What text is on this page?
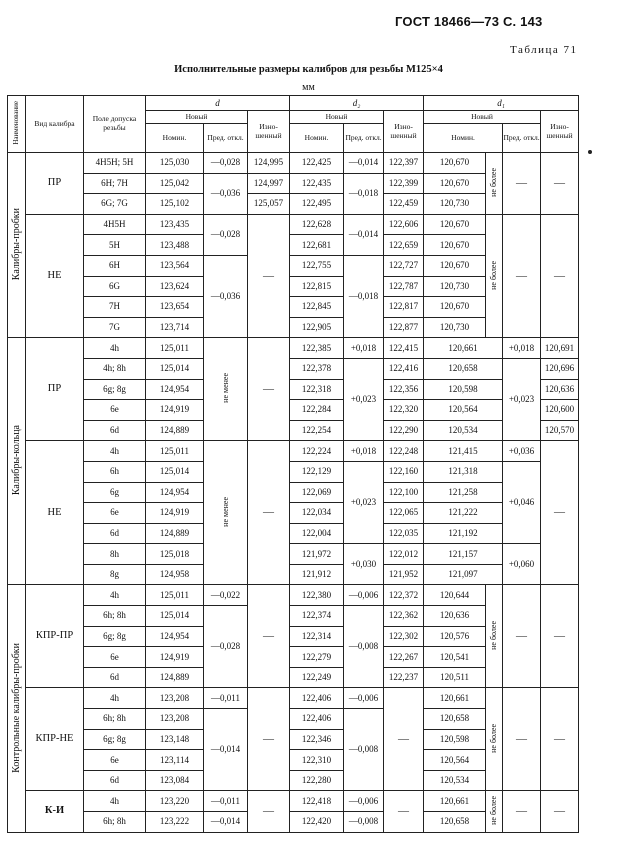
ГОСТ 18466—73 С. 143
Таблица 71
Исполнительные размеры калибров для резьбы М125×4
мм
Наименование	Вид калибра	Поле допуска резьбы	d			d₂			d₁			
			Новый		Изно-шенный	Новый		Изно-шенный	Новый			Изно-шенный
			Номин.	Пред. откл.		Номин.	Пред. откл.		Номин.		Пред. откл.	
Калибры-пробки	ПР	4H5H; 5H	125,030	—0,028	124,995	122,425	—0,014	122,397	120,670	не более	—	—
		6H; 7H	125,042	—0,036	124,997	122,435	—0,018	122,399	120,670			
		6G; 7G	125,102		125,057	122,495		122,459	120,730			
	НЕ	4H5H	123,435	—0,028	—	122,628	—0,014	122,606	120,670	не более	—	—
		5H	123,488			122,681		122,659	120,670			
		6H	123,564	—0,036		122,755	—0,018	122,727	120,670			
		6G	123,624			122,815		122,787	120,730			
		7H	123,654			122,845		122,817	120,670			
		7G	123,714			122,905		122,877	120,730			
Калибры-кольца	ПР	4h	125,011	не менее	—	122,385	+0,018	122,415	120,661		+0,018	120,691
		4h; 8h	125,014			122,378	+0,023	122,416	120,658		+0,023	120,696
		6g; 8g	124,954			122,318		122,356	120,598			120,636
		6e	124,919			122,284		122,320	120,564			120,600
		6d	124,889			122,254		122,290	120,534			120,570
	НЕ	4h	125,011	не менее	—	122,224	+0,018	122,248	121,415		+0,036	—
		6h	125,014			122,129	+0,023	122,160	121,318		+0,046	
		6g	124,954			122,069		122,100	121,258			
		6e	124,919			122,034		122,065	121,222			
		6d	124,889			122,004		122,035	121,192			
		8h	125,018			121,972	+0,030	122,012	121,157		+0,060	
		8g	124,958			121,912		121,952	121,097			
Контрольные калибры-пробки	КПР-ПР	4h	125,011	—0,022	—	122,380	—0,006	122,372	120,644	не более	—	—
		6h; 8h	125,014	—0,028		122,374	—0,008	122,362	120,636			
		6g; 8g	124,954			122,314		122,302	120,576			
		6e	124,919			122,279		122,267	120,541			
		6d	124,889			122,249		122,237	120,511			
	КПР-НЕ	4h	123,208	—0,011	—	122,406	—0,006	—	120,661	не более	—	—
		6h; 8h	123,208	—0,014		122,406	—0,008		120,658			
		6g; 8g	123,148			122,346			120,598			
		6e	123,114			122,310			120,564			
		6d	123,084			122,280			120,534			
	К-И	4h	123,220	—0,011	—	122,418	—0,006	—	120,661	не более	—	—
		6h; 8h	123,222	—0,014		122,420	—0,008		120,658			
